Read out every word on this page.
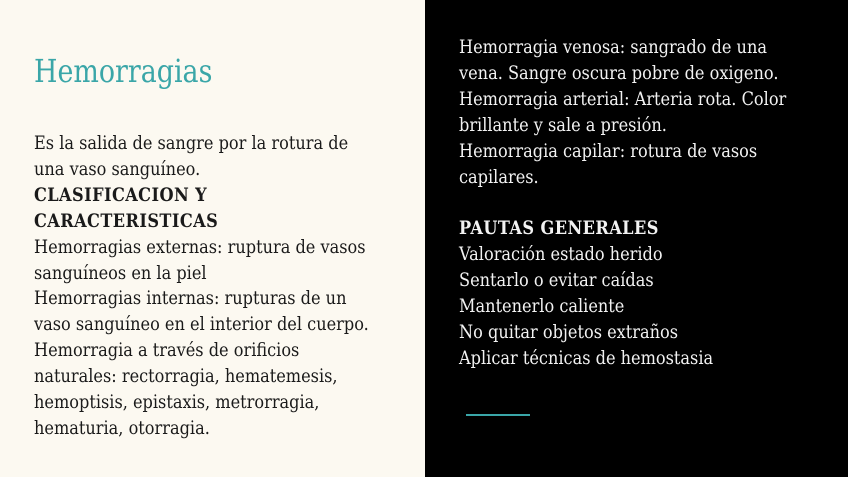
Hemorragias
Es la salida de sangre por la rotura de
una vaso sanguíneo.
CLASIFICACION Y
CARACTERISTICAS
Hemorragias externas: ruptura de vasos
sanguíneos en la piel
Hemorragias internas: rupturas de un
vaso sanguíneo en el interior del cuerpo.
Hemorragia a través de orificios
naturales: rectorragia, hematemesis,
hemoptisis, epistaxis, metrorragia,
hematuria, otorragia.
Hemorragia venosa: sangrado de una
vena. Sangre oscura pobre de oxigeno.
Hemorragia arterial: Arteria rota. Color
brillante y sale a presión.
Hemorragia capilar: rotura de vasos
capilares.
PAUTAS GENERALES
Valoración estado herido
Sentarlo o evitar caídas
Mantenerlo caliente
No quitar objetos extraños
Aplicar técnicas de hemostasia
